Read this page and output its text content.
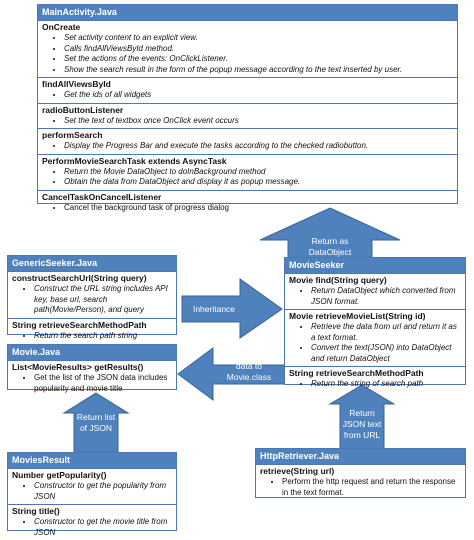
Return as DataObject
Inheritance
Map the JSON data to Movie.class
Return list of JSON
Return JSON text from URL
MainActivity.Java
OnCreate
• Set activity content to an explicit view.
• Calls findAllViewsById method.
• Set the actions of the events: OnClickListener.
• Show the search result in the form of the popup message according to the text inserted by user.
findAllViewsById
• Get the ids of all widgets
radioButtonListener
• Set the text of textbox once OnClick event occurs
performSearch
• Display the Progress Bar and execute the tasks according to the checked radiobutton.
PerformMovieSearchTask extends AsyncTask
• Return the Movie DataObject to doInBackground method
• Obtain the data from DataObject and display it as popup message.
CancelTaskOnCancelListener
• Cancel the background task of progress dialog
GenericSeeker.Java
constructSearchUrl(String query)
• Construct the URL string includes API key, base url, search path(Movie/Person), and query
String retrieveSearchMethodPath
• Return the search path string
Movie.Java
List<MovieResults> getResults()
• Get the list of the JSON data includes popularity and movie title
MoviesResult
Number getPopularity()
• Constructor to get the popularity from JSON
String title()
• Constructor to get the movie title from JSON
MovieSeeker
Movie find(String query)
• Return DataObject which converted from JSON format.
Movie retrieveMovieList(String id)
• Retrieve the data from url and return it as a text format.
• Convert the text(JSON) into DataObject and return DataObject
String retrieveSearchMethodPath
• Return the string of search path
HttpRetriever.Java
retrieve(String url)
• Perform the http request and return the response in the text format.
